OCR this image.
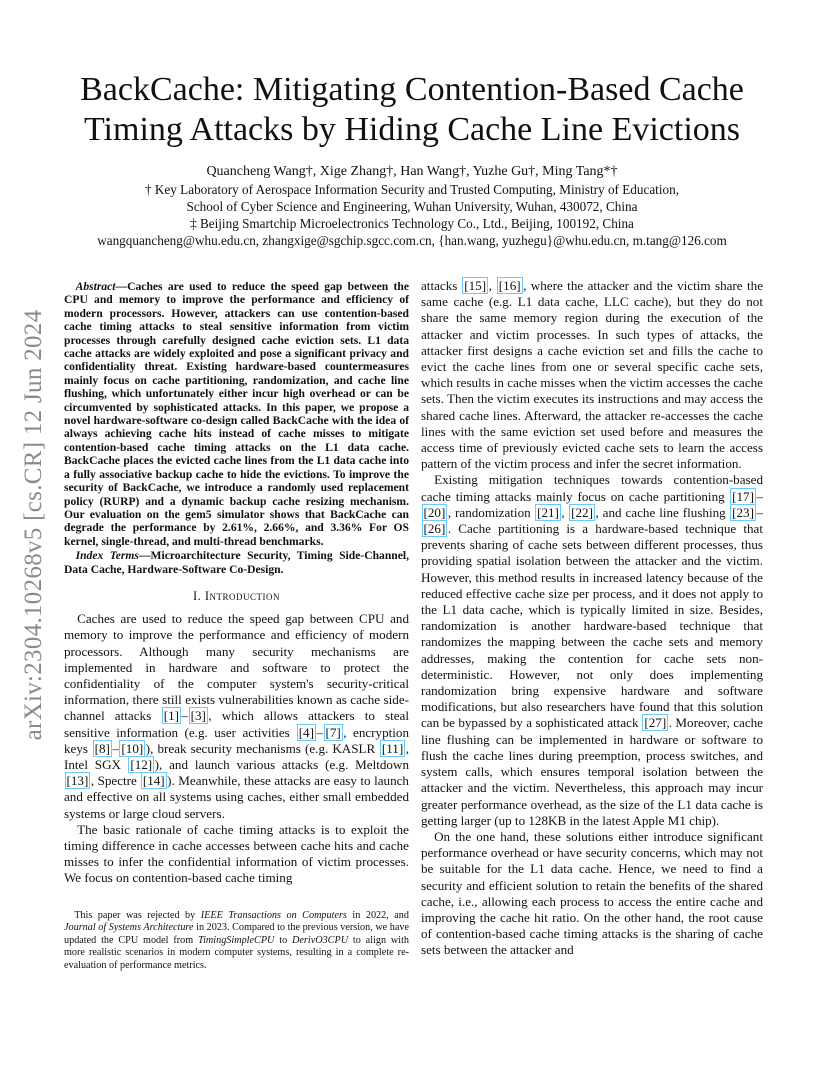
arXiv:2304.10268v5 [cs.CR] 12 Jun 2024
BackCache: Mitigating Contention-Based Cache
Timing Attacks by Hiding Cache Line Evictions
Quancheng Wang†, Xige Zhang†, Han Wang†, Yuzhe Gu†, Ming Tang*†
† Key Laboratory of Aerospace Information Security and Trusted Computing, Ministry of Education,
School of Cyber Science and Engineering, Wuhan University, Wuhan, 430072, China
‡ Beijing Smartchip Microelectronics Technology Co., Ltd., Beijing, 100192, China
wangquancheng@whu.edu.cn, zhangxige@sgchip.sgcc.com.cn, {han.wang, yuzhegu}@whu.edu.cn, m.tang@126.com

Abstract—Caches are used to reduce the speed gap between the CPU and memory to improve the performance and efficiency of modern processors. However, attackers can use contention-based cache timing attacks to steal sensitive information from victim processes through carefully designed cache eviction sets. L1 data cache attacks are widely exploited and pose a significant privacy and confidentiality threat. Existing hardware-based countermeasures mainly focus on cache partitioning, randomization, and cache line flushing, which unfortunately either incur high overhead or can be circumvented by sophisticated attacks. In this paper, we propose a novel hardware-software co-design called BackCache with the idea of always achieving cache hits instead of cache misses to mitigate contention-based cache timing attacks on the L1 data cache. BackCache places the evicted cache lines from the L1 data cache into a fully associative backup cache to hide the evictions. To improve the security of BackCache, we introduce a randomly used replacement policy (RURP) and a dynamic backup cache resizing mechanism. Our evaluation on the gem5 simulator shows that BackCache can degrade the performance by 2.61%, 2.66%, and 3.36% For OS kernel, single-thread, and multi-thread benchmarks.

Index Terms—Microarchitecture Security, Timing Side-Channel, Data Cache, Hardware-Software Co-Design.

I. Introduction

Caches are used to reduce the speed gap between CPU and memory to improve the performance and efficiency of modern processors. Although many security mechanisms are implemented in hardware and software to protect the confidentiality of the computer system's security-critical information, there still exists vulnerabilities known as cache side-channel attacks [1] – [3] , which allows attackers to steal sensitive information (e.g. user activities [4] – [7] , encryption keys [8] – [10] ), break security mechanisms (e.g. KASLR [11] , Intel SGX [12] ), and launch various attacks (e.g. Meltdown [13] , Spectre [14] ). Meanwhile, these attacks are easy to launch and effective on all systems using caches, either small embedded systems or large cloud servers.

The basic rationale of cache timing attacks is to exploit the timing difference in cache accesses between cache hits and cache misses to infer the confidential information of victim processes. We focus on contention-based cache timing

This paper was rejected by IEEE Transactions on Computers in 2022, and Journal of Systems Architecture in 2023. Compared to the previous version, we have updated the CPU model from TimingSimpleCPU to DerivO3CPU to align with more realistic scenarios in modern computer systems, resulting in a complete re-evaluation of performance metrics.

attacks [15] , [16] , where the attacker and the victim share the same cache (e.g. L1 data cache, LLC cache), but they do not share the same memory region during the execution of the attacker and victim processes. In such types of attacks, the attacker first designs a cache eviction set and fills the cache to evict the cache lines from one or several specific cache sets, which results in cache misses when the victim accesses the cache sets. Then the victim executes its instructions and may access the shared cache lines. Afterward, the attacker re-accesses the cache lines with the same eviction set used before and measures the access time of previously evicted cache sets to learn the access pattern of the victim process and infer the secret information.

Existing mitigation techniques towards contention-based cache timing attacks mainly focus on cache partitioning [17] –[20] , randomization [21] , [22] , and cache line flushing [23] –[26] . Cache partitioning is a hardware-based technique that prevents sharing of cache sets between different processes, thus providing spatial isolation between the attacker and the victim. However, this method results in increased latency because of the reduced effective cache size per process, and it does not apply to the L1 data cache, which is typically limited in size. Besides, randomization is another hardware-based technique that randomizes the mapping between the cache sets and memory addresses, making the contention for cache sets non-deterministic. However, not only does implementing randomization bring expensive hardware and software modifications, but also researchers have found that this solution can be bypassed by a sophisticated attack [27] . Moreover, cache line flushing can be implemented in hardware or software to flush the cache lines during preemption, process switches, and system calls, which ensures temporal isolation between the attacker and the victim. Nevertheless, this approach may incur greater performance overhead, as the size of the L1 data cache is getting larger (up to 128KB in the latest Apple M1 chip).

On the one hand, these solutions either introduce significant performance overhead or have security concerns, which may not be suitable for the L1 data cache. Hence, we need to find a security and efficient solution to retain the benefits of the shared cache, i.e., allowing each process to access the entire cache and improving the cache hit ratio. On the other hand, the root cause of contention-based cache timing attacks is the sharing of cache sets between the attacker and
